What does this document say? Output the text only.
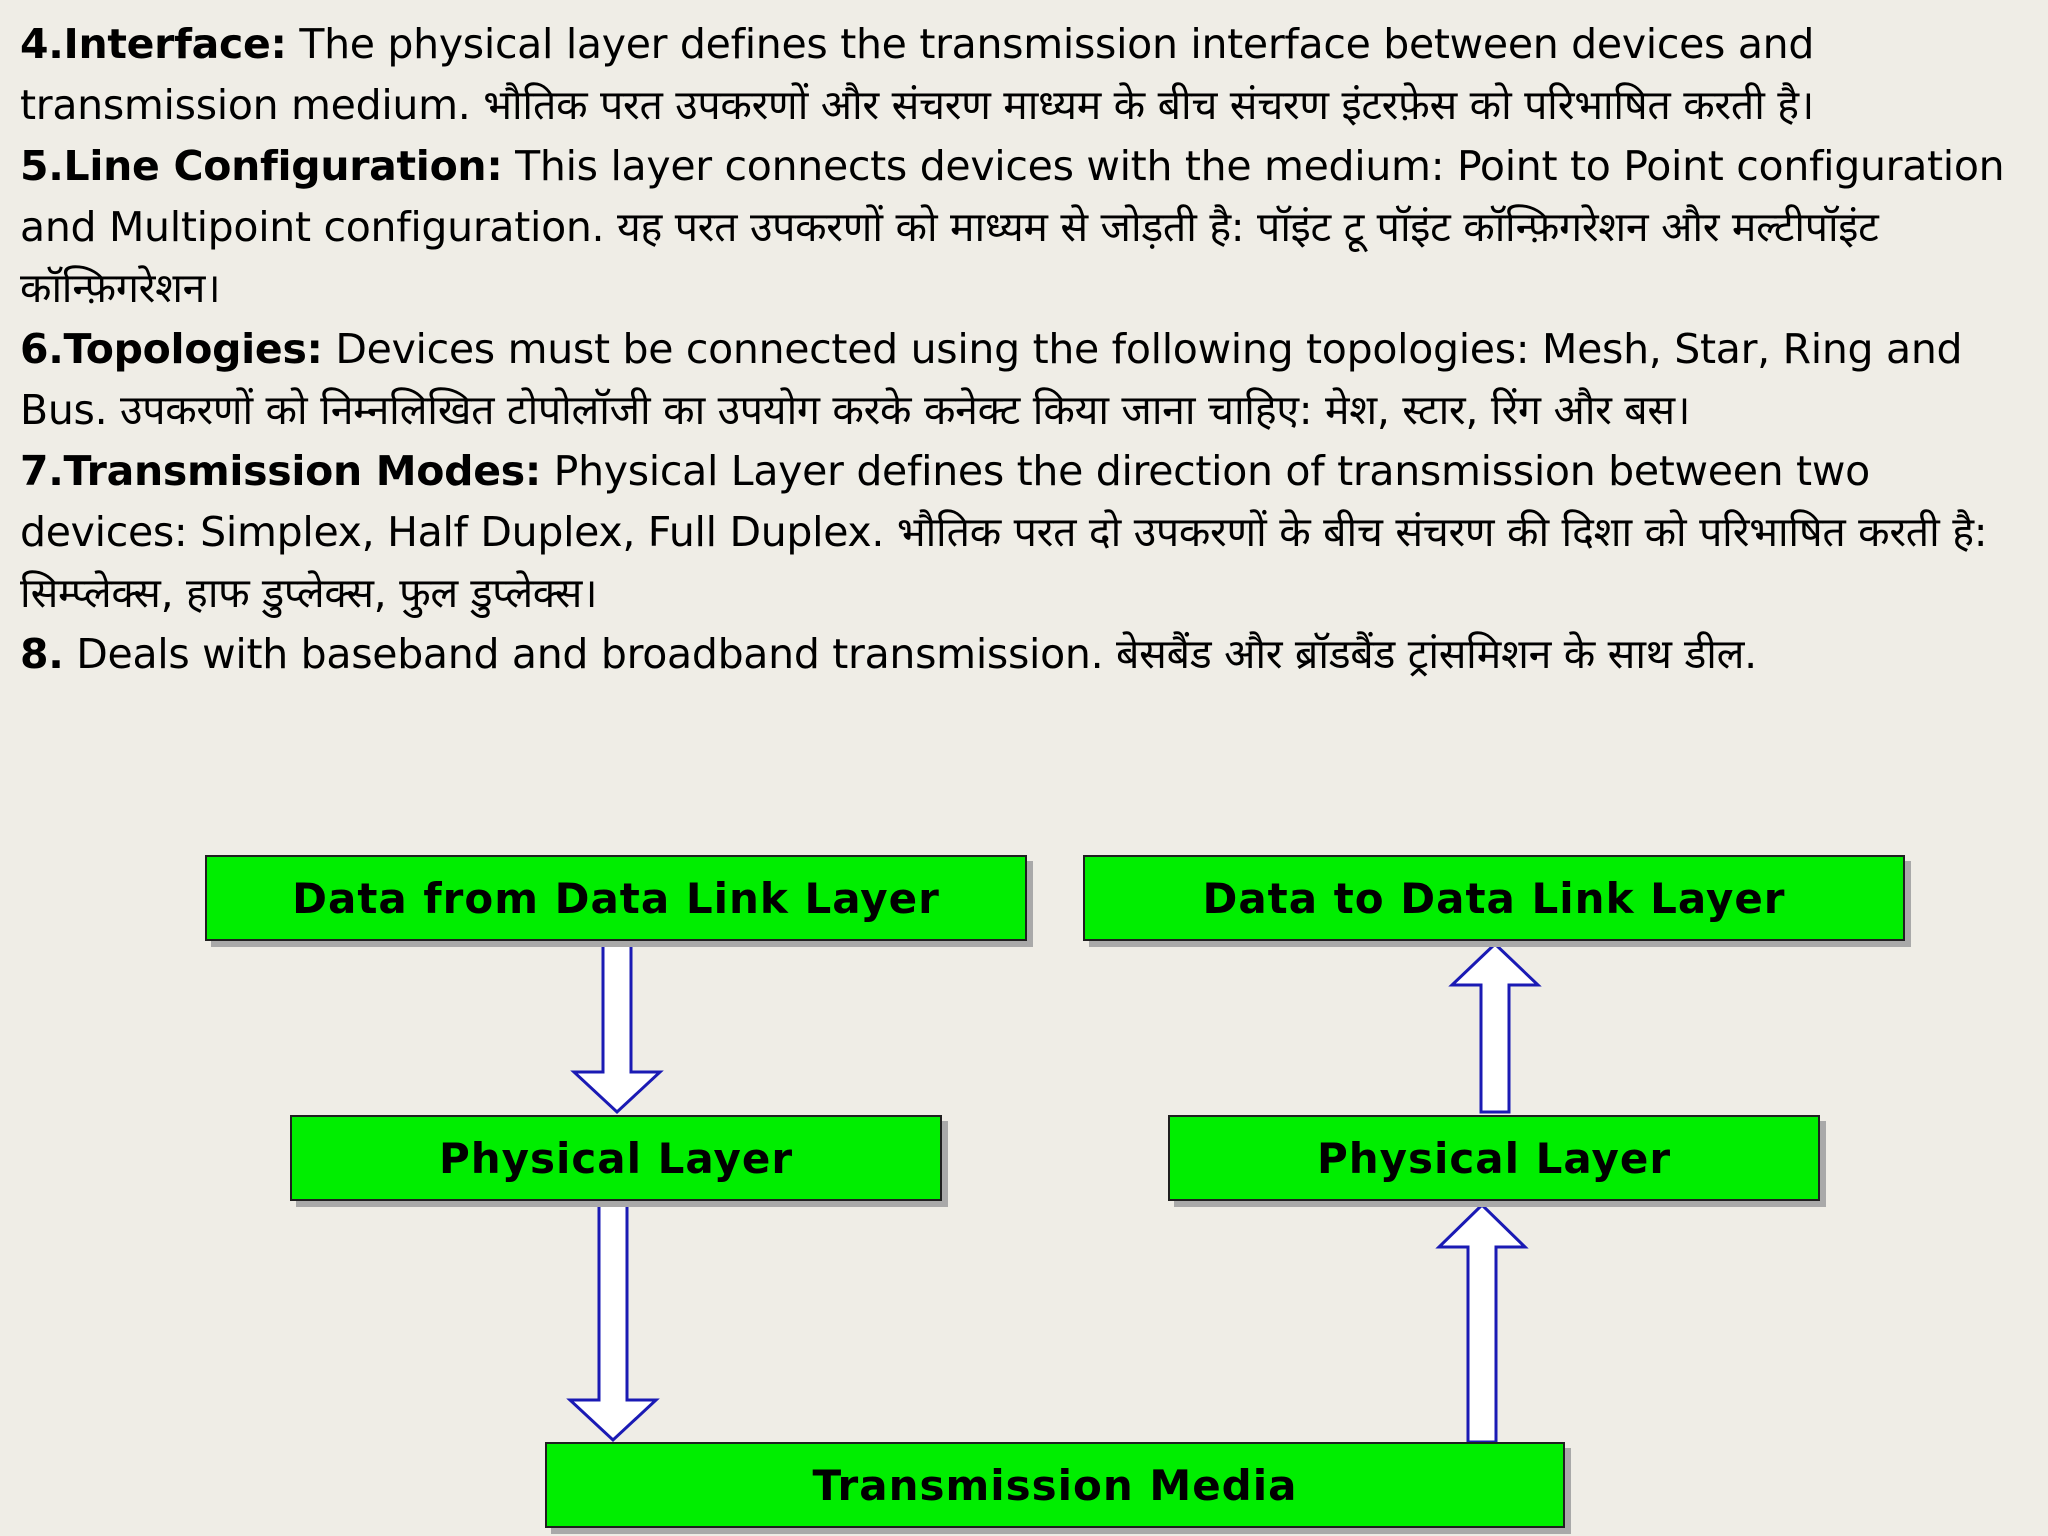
4.Interface: The physical layer defines the transmission interface between devices and transmission medium. भौतिक परत उपकरणों और संचरण माध्यम के बीच संचरण इंटरफ़ेस को परिभाषित करती है।

5.Line Configuration: This layer connects devices with the medium: Point to Point configuration and Multipoint configuration. यह परत उपकरणों को माध्यम से जोड़ती है: पॉइंट टू पॉइंट कॉन्फ़िगरेशन और मल्टीपॉइंट कॉन्फ़िगरेशन।

6.Topologies: Devices must be connected using the following topologies: Mesh, Star, Ring and Bus. उपकरणों को निम्नलिखित टोपोलॉजी का उपयोग करके कनेक्ट किया जाना चाहिए: मेश, स्टार, रिंग और बस।

7.Transmission Modes: Physical Layer defines the direction of transmission between two devices: Simplex, Half Duplex, Full Duplex. भौतिक परत दो उपकरणों के बीच संचरण की दिशा को परिभाषित करती है: सिम्प्लेक्स, हाफ डुप्लेक्स, फुल डुप्लेक्स।

8. Deals with baseband and broadband transmission. बेसबैंड और ब्रॉडबैंड ट्रांसमिशन के साथ डील.

Data from Data Link Layer	Data to Data Link Layer
Physical Layer	Physical Layer
Transmission Media
